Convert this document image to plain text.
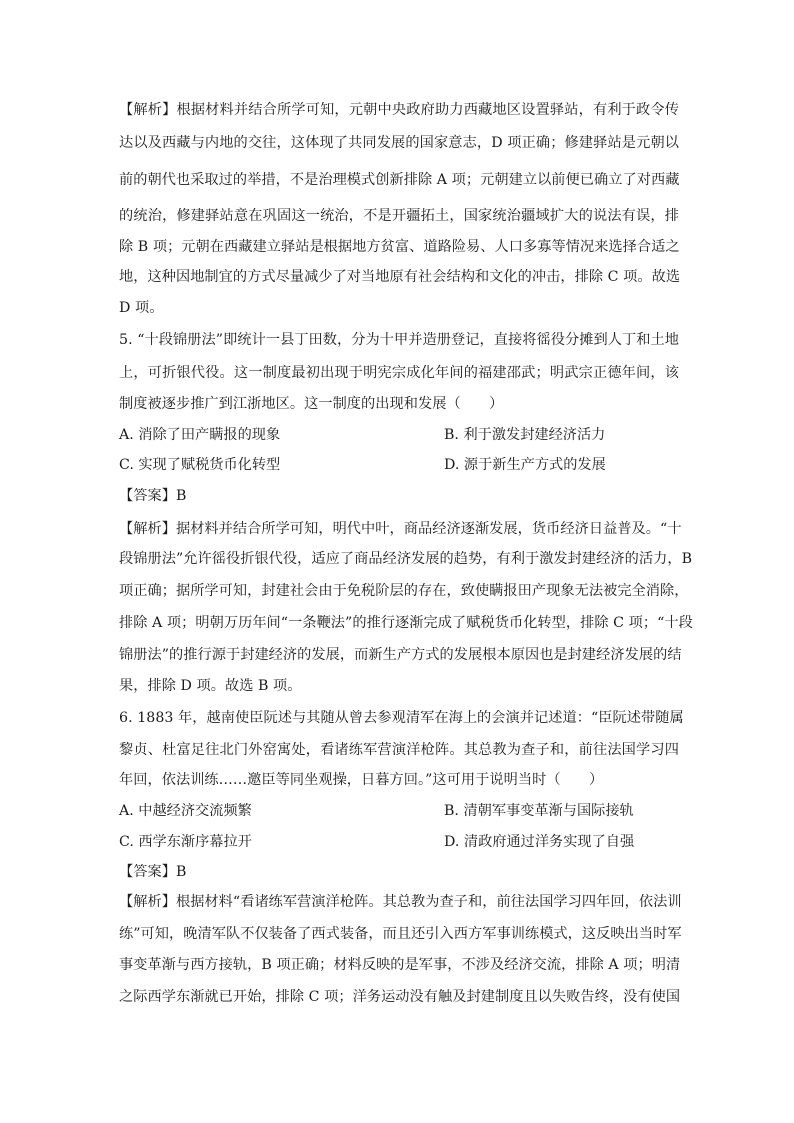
【解析】根据材料并结合所学可知，元朝中央政府助力西藏地区设置驿站，有利于政令传
达以及西藏与内地的交往，这体现了共同发展的国家意志，D 项正确；修建驿站是元朝以
前的朝代也采取过的举措，不是治理模式创新排除 A 项；元朝建立以前便已确立了对西藏
的统治，修建驿站意在巩固这一统治，不是开疆拓土，国家统治疆域扩大的说法有误，排
除 B 项；元朝在西藏建立驿站是根据地方贫富、道路险易、人口多寡等情况来选择合适之
地，这种因地制宜的方式尽量减少了对当地原有社会结构和文化的冲击，排除 C 项。故选
D 项。
5. “十段锦册法”即统计一县丁田数，分为十甲并造册登记，直接将徭役分摊到人丁和土地
上，可折银代役。这一制度最初出现于明宪宗成化年间的福建邵武；明武宗正德年间，该
制度被逐步推广到江浙地区。这一制度的出现和发展（　　）
A. 消除了田产瞒报的现象	B. 利于激发封建经济活力
C. 实现了赋税货币化转型	D. 源于新生产方式的发展
【答案】B
【解析】据材料并结合所学可知，明代中叶，商品经济逐渐发展，货币经济日益普及。“十
段锦册法”允许徭役折银代役，适应了商品经济发展的趋势，有利于激发封建经济的活力，B
项正确；据所学可知，封建社会由于免税阶层的存在，致使瞒报田产现象无法被完全消除，
排除 A 项；明朝万历年间“一条鞭法”的推行逐渐完成了赋税货币化转型，排除 C 项；“十段
锦册法”的推行源于封建经济的发展，而新生产方式的发展根本原因也是封建经济发展的结
果，排除 D 项。故选 B 项。
6. 1883 年，越南使臣阮述与其随从曾去参观清军在海上的会演并记述道：“臣阮述带随属
黎贞、杜富足往北门外窑寓处，看诸练军营演洋枪阵。其总教为查子和，前往法国学习四
年回，依法训练……邀臣等同坐观操，日暮方回。”这可用于说明当时（　　）
A. 中越经济交流频繁	B. 清朝军事变革渐与国际接轨
C. 西学东渐序幕拉开	D. 清政府通过洋务实现了自强
【答案】B
【解析】根据材料“看诸练军营演洋枪阵。其总教为查子和，前往法国学习四年回，依法训
练”可知，晚清军队不仅装备了西式装备，而且还引入西方军事训练模式，这反映出当时军
事变革渐与西方接轨，B 项正确；材料反映的是军事，不涉及经济交流，排除 A 项；明清
之际西学东渐就已开始，排除 C 项；洋务运动没有触及封建制度且以失败告终，没有使国
